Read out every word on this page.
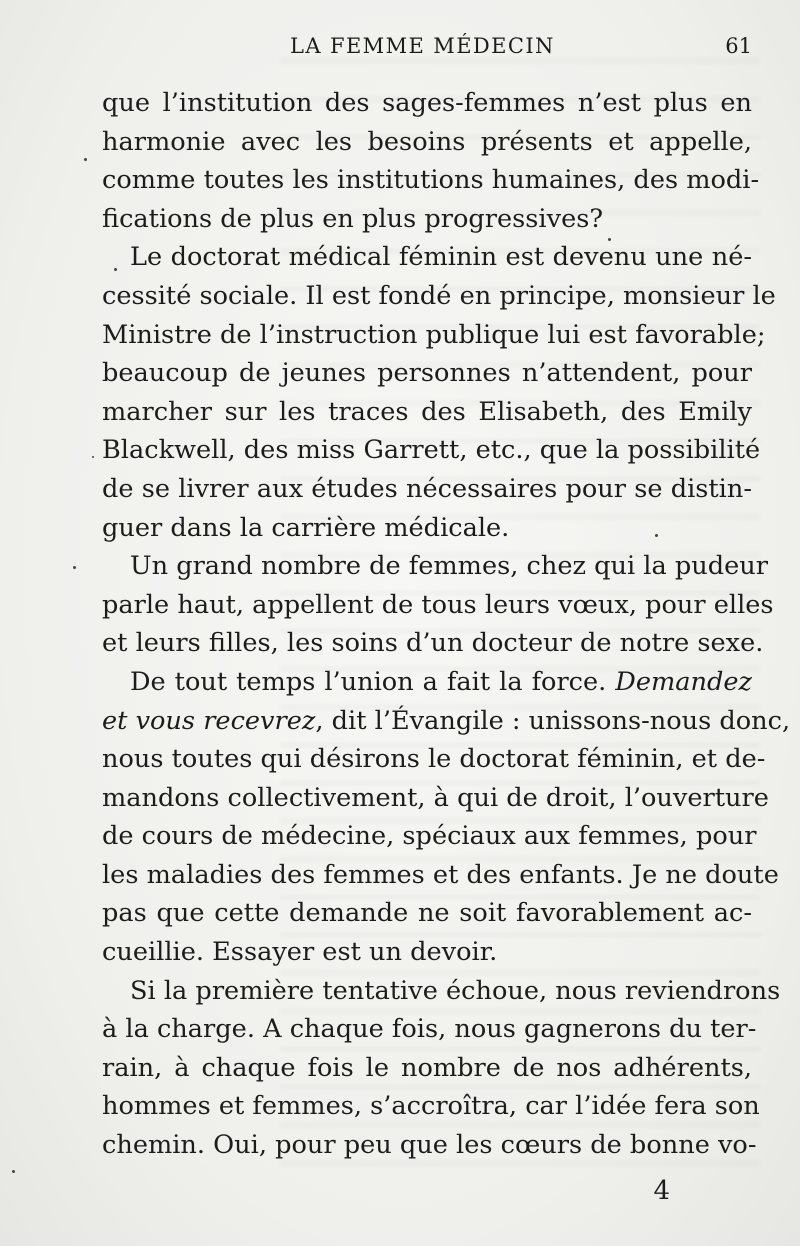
LA FEMME MÉDECIN	61
que l’institution des sages-femmes n’est plus en
harmonie avec les besoins présents et appelle,
comme toutes les institutions humaines, des modi-
fications de plus en plus progressives?
Le doctorat médical féminin est devenu une né-
cessité sociale. Il est fondé en principe, monsieur le
Ministre de l’instruction publique lui est favorable;
beaucoup de jeunes personnes n’attendent, pour
marcher sur les traces des Elisabeth, des Emily
Blackwell, des miss Garrett, etc., que la possibilité
de se livrer aux études nécessaires pour se distin-
guer dans la carrière médicale.
Un grand nombre de femmes, chez qui la pudeur
parle haut, appellent de tous leurs vœux, pour elles
et leurs filles, les soins d’un docteur de notre sexe.
De tout temps l’union a fait la force. Demandez
et vous recevrez, dit l’Évangile : unissons-nous donc,
nous toutes qui désirons le doctorat féminin, et de-
mandons collectivement, à qui de droit, l’ouverture
de cours de médecine, spéciaux aux femmes, pour
les maladies des femmes et des enfants. Je ne doute
pas que cette demande ne soit favorablement ac-
cueillie. Essayer est un devoir.
Si la première tentative échoue, nous reviendrons
à la charge. A chaque fois, nous gagnerons du ter-
rain, à chaque fois le nombre de nos adhérents,
hommes et femmes, s’accroîtra, car l’idée fera son
chemin. Oui, pour peu que les cœurs de bonne vo-
4
